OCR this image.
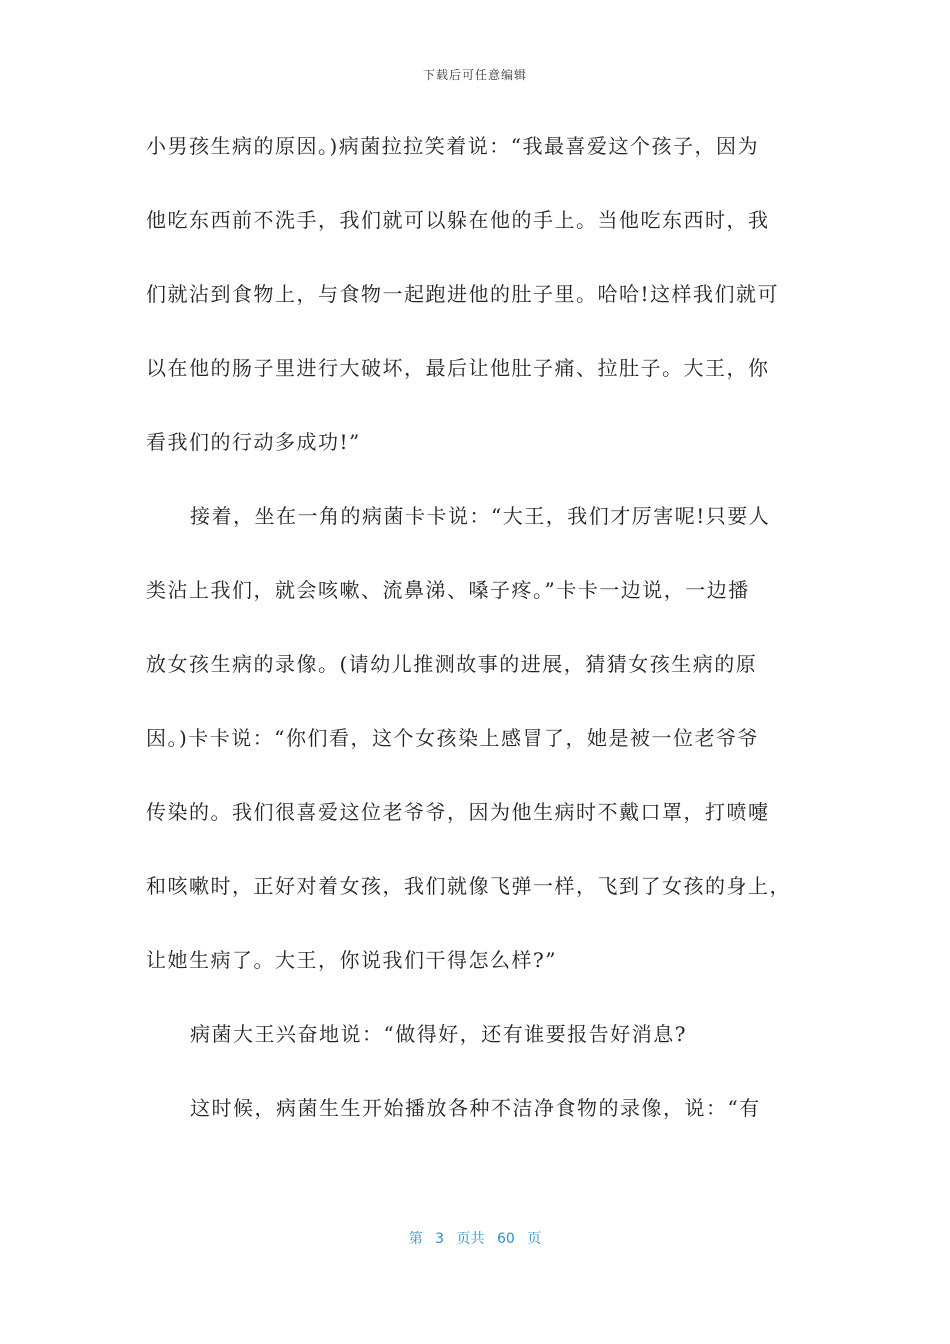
下载后可任意编辑
小男孩生病的原因。)病菌拉拉笑着说：“我最喜爱这个孩子，因为
他吃东西前不洗手，我们就可以躲在他的手上。当他吃东西时，我
们就沾到食物上，与食物一起跑进他的肚子里。哈哈!这样我们就可
以在他的肠子里进行大破坏，最后让他肚子痛、拉肚子。大王，你
看我们的行动多成功!”
接着，坐在一角的病菌卡卡说：“大王，我们才厉害呢!只要人
类沾上我们，就会咳嗽、流鼻涕、嗓子疼。”卡卡一边说，一边播
放女孩生病的录像。(请幼儿推测故事的进展，猜猜女孩生病的原
因。)卡卡说：“你们看，这个女孩染上感冒了，她是被一位老爷爷
传染的。我们很喜爱这位老爷爷，因为他生病时不戴口罩，打喷嚏
和咳嗽时，正好对着女孩，我们就像飞弹一样，飞到了女孩的身上，
让她生病了。大王，你说我们干得怎么样?”
病菌大王兴奋地说：“做得好，还有谁要报告好消息?
这时候，病菌生生开始播放各种不洁净食物的录像，说：“有
第 3 页共 60 页
